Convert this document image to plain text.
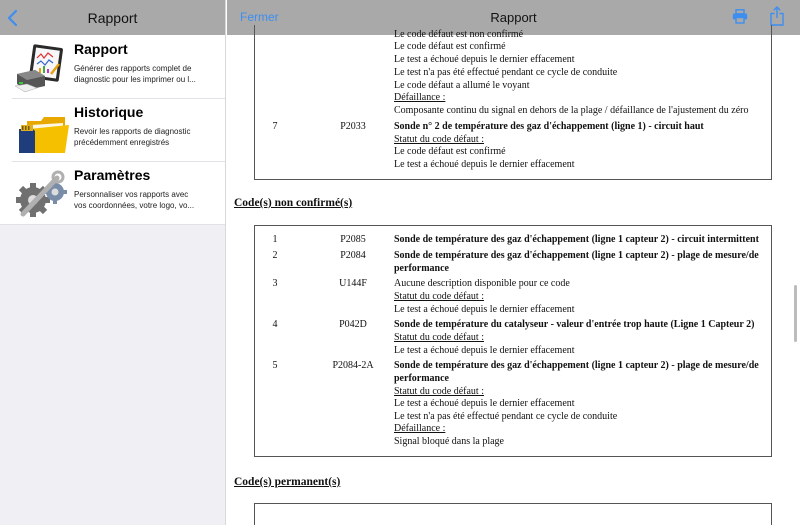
Rapport
Rapport
Générer des rapports complet de
diagnostic pour les imprimer ou l...
Historique
Revoir les rapports de diagnostic
précédemment enregistrés
Paramètres
Personnaliser vos rapports avec
vos coordonnées, votre logo, vo...
Fermer	Rapport
Le code défaut est non confirmé
Le code défaut est confirmé
Le test a échoué depuis le dernier effacement
Le test n'a pas été effectué pendant ce cycle de conduite
Le code défaut a allumé le voyant
Défaillance :
Composante continu du signal en dehors de la plage / défaillance de l'ajustement du zéro
7	P2033	Sonde n° 2 de température des gaz d'échappement (ligne 1) - circuit haut
Statut du code défaut :
Le code défaut est confirmé
Le test a échoué depuis le dernier effacement
Code(s) non confirmé(s)
1	P2085	Sonde de température des gaz d'échappement (ligne 1 capteur 2) - circuit intermittent
2	P2084	Sonde de température des gaz d'échappement (ligne 1 capteur 2) - plage de mesure/de
performance
3	U144F	Aucune description disponible pour ce code
Statut du code défaut :
Le test a échoué depuis le dernier effacement
4	P042D	Sonde de température du catalyseur - valeur d'entrée trop haute (Ligne 1 Capteur 2)
Statut du code défaut :
Le test a échoué depuis le dernier effacement
5	P2084-2A	Sonde de température des gaz d'échappement (ligne 1 capteur 2) - plage de mesure/de
performance
Statut du code défaut :
Le test a échoué depuis le dernier effacement
Le test n'a pas été effectué pendant ce cycle de conduite
Défaillance :
Signal bloqué dans la plage
Code(s) permanent(s)
